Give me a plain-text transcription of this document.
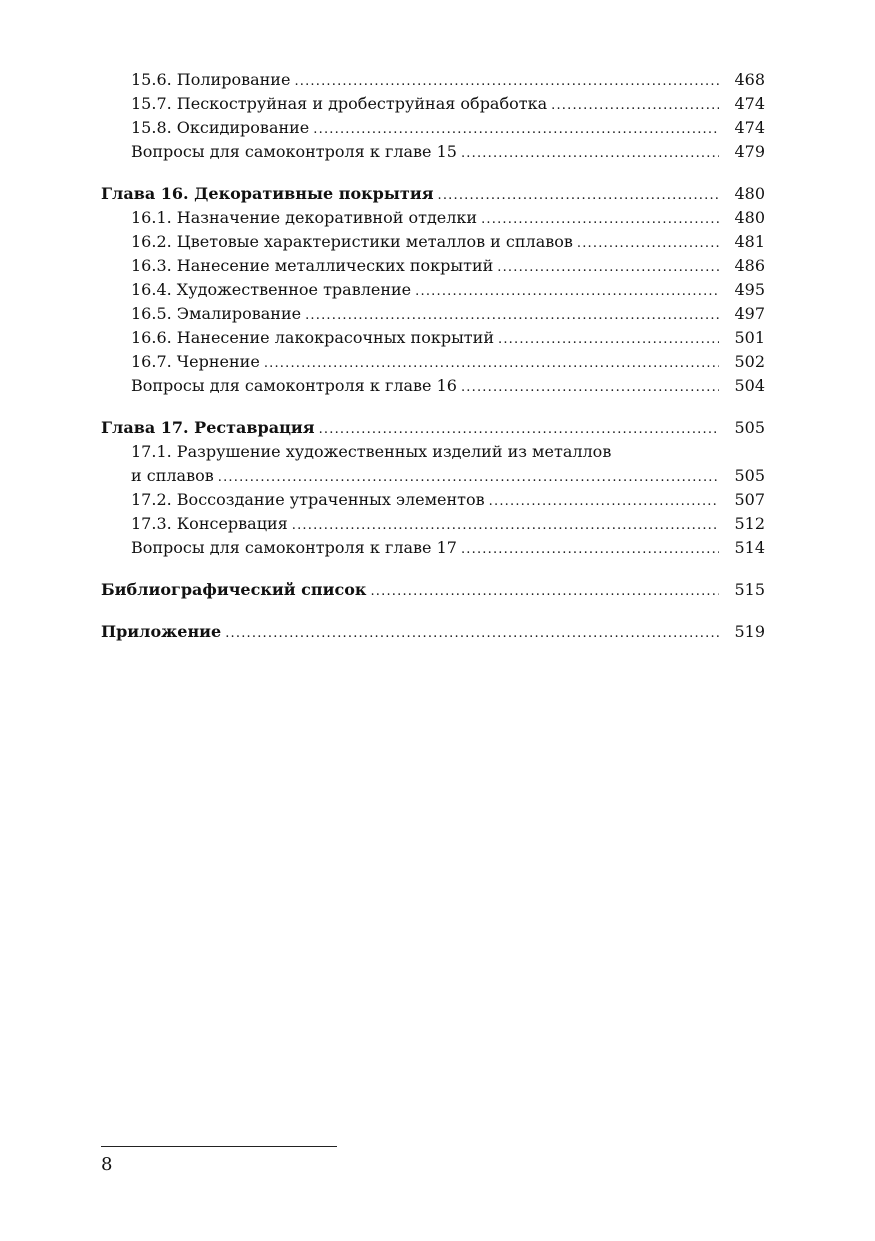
15.6. Полирование .....	468
15.7. Пескоструйная и дробеструйная обработка .....	474
15.8. Оксидирование .....	474
Вопросы для самоконтроля к главе 15 .....	479
Глава 16. Декоративные покрытия .....	480
16.1. Назначение декоративной отделки .....	480
16.2. Цветовые характеристики металлов и сплавов .....	481
16.3. Нанесение металлических покрытий .....	486
16.4. Художественное травление .....	495
16.5. Эмалирование .....	497
16.6. Нанесение лакокрасочных покрытий .....	501
16.7. Чернение .....	502
Вопросы для самоконтроля к главе 16 .....	504
Глава 17. Реставрация .....	505
17.1. Разрушение художественных изделий из металлов
и сплавов .....	505
17.2. Воссоздание утраченных элементов .....	507
17.3. Консервация .....	512
Вопросы для самоконтроля к главе 17 .....	514
Библиографический список .....	515
Приложение .....	519
8
